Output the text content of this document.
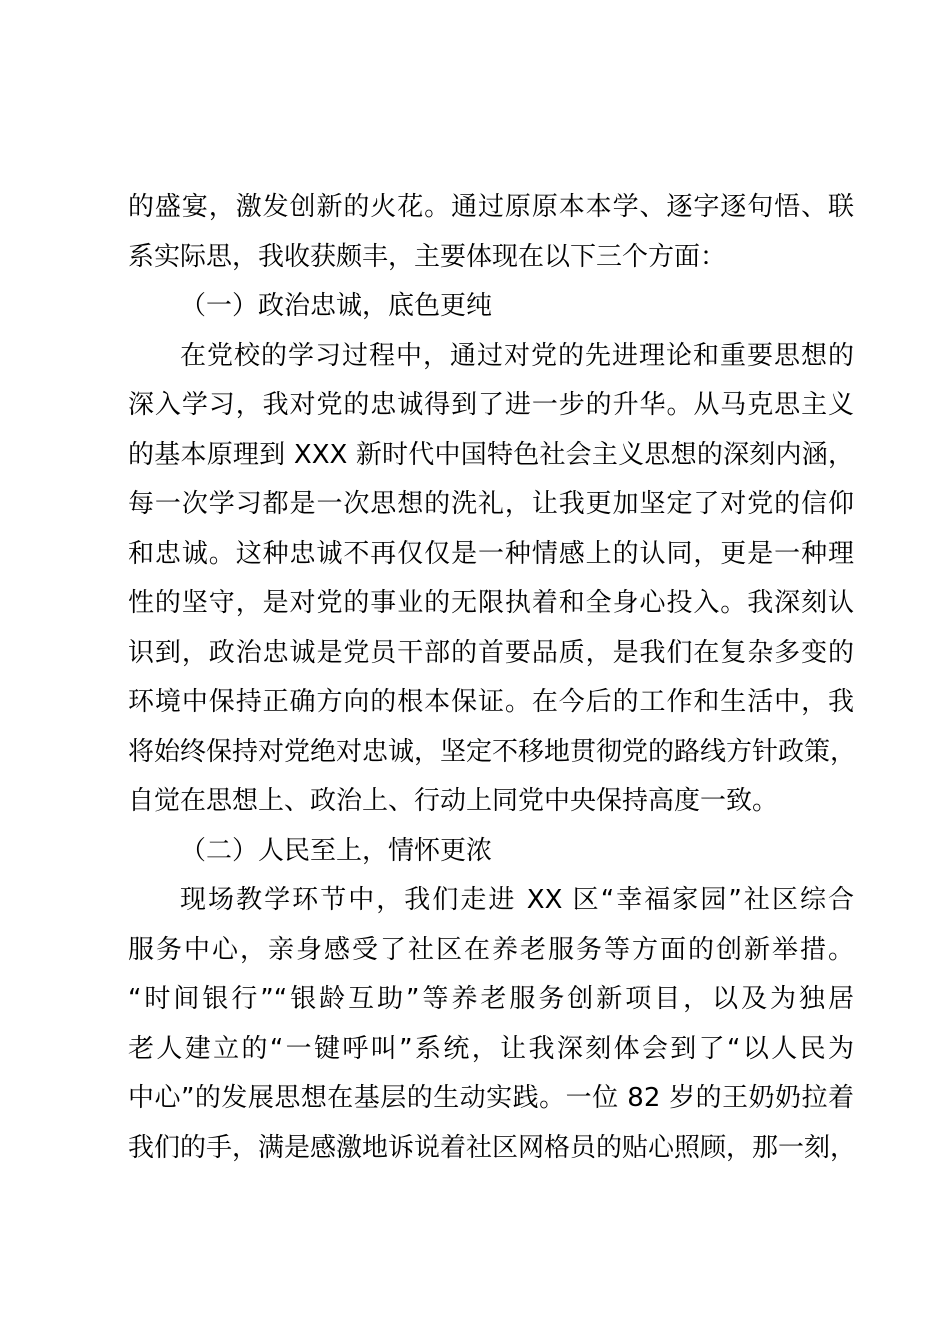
的盛宴，激发创新的火花。通过原原本本学、逐字逐句悟、联
系实际思，我收获颇丰，主要体现在以下三个方面：
（一）政治忠诚，底色更纯
在党校的学习过程中，通过对党的先进理论和重要思想的
深入学习，我对党的忠诚得到了进一步的升华。从马克思主义
的基本原理到 XXX 新时代中国特色社会主义思想的深刻内涵，
每一次学习都是一次思想的洗礼，让我更加坚定了对党的信仰
和忠诚。这种忠诚不再仅仅是一种情感上的认同，更是一种理
性的坚守，是对党的事业的无限执着和全身心投入。我深刻认
识到，政治忠诚是党员干部的首要品质，是我们在复杂多变的
环境中保持正确方向的根本保证。在今后的工作和生活中，我
将始终保持对党绝对忠诚，坚定不移地贯彻党的路线方针政策，
自觉在思想上、政治上、行动上同党中央保持高度一致。
（二）人民至上，情怀更浓
现场教学环节中，我们走进 XX 区“幸福家园”社区综合
服务中心，亲身感受了社区在养老服务等方面的创新举措。
“时间银行”“银龄互助”等养老服务创新项目，以及为独居
老人建立的“一键呼叫”系统，让我深刻体会到了“以人民为
中心”的发展思想在基层的生动实践。一位 82 岁的王奶奶拉着
我们的手，满是感激地诉说着社区网格员的贴心照顾，那一刻，
